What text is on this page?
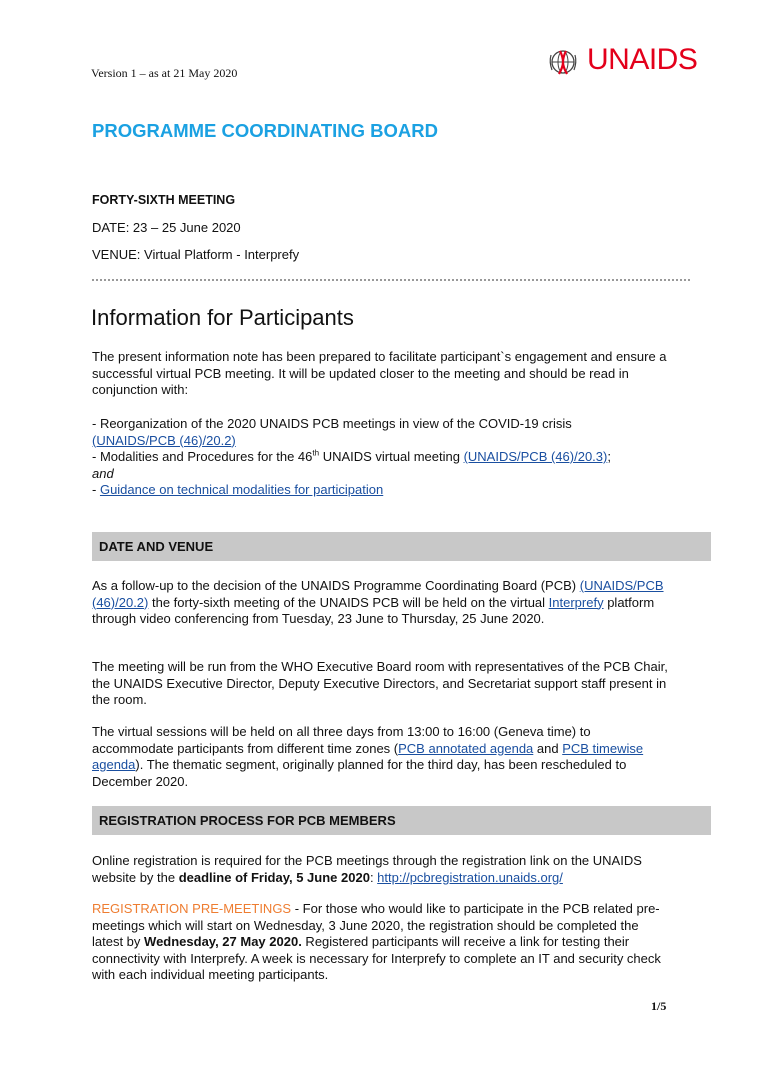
Version 1 – as at 21 May 2020	UNAIDS
PROGRAMME COORDINATING BOARD
FORTY-SIXTH MEETING
DATE: 23 – 25 June 2020
VENUE: Virtual Platform - Interprefy
Information for Participants
The present information note has been prepared to facilitate participant`s engagement and ensure a successful virtual PCB meeting. It will be updated closer to the meeting and should be read in conjunction with:
- Reorganization of the 2020 UNAIDS PCB meetings in view of the COVID-19 crisis
(UNAIDS/PCB (46)/20.2)
- Modalities and Procedures for the 46th UNAIDS virtual meeting (UNAIDS/PCB (46)/20.3);
and
- Guidance on technical modalities for participation
DATE AND VENUE
As a follow-up to the decision of the UNAIDS Programme Coordinating Board (PCB) (UNAIDS/PCB (46)/20.2) the forty-sixth meeting of the UNAIDS PCB will be held on the virtual Interprefy platform through video conferencing from Tuesday, 23 June to Thursday, 25 June 2020.
The meeting will be run from the WHO Executive Board room with representatives of the PCB Chair, the UNAIDS Executive Director, Deputy Executive Directors, and Secretariat support staff present in the room.
The virtual sessions will be held on all three days from 13:00 to 16:00 (Geneva time) to accommodate participants from different time zones (PCB annotated agenda and PCB timewise agenda). The thematic segment, originally planned for the third day, has been rescheduled to December 2020.
REGISTRATION PROCESS FOR PCB MEMBERS
Online registration is required for the PCB meetings through the registration link on the UNAIDS website by the deadline of Friday, 5 June 2020: http://pcbregistration.unaids.org/
REGISTRATION PRE-MEETINGS - For those who would like to participate in the PCB related pre-meetings which will start on Wednesday, 3 June 2020, the registration should be completed the latest by Wednesday, 27 May 2020. Registered participants will receive a link for testing their connectivity with Interprefy. A week is necessary for Interprefy to complete an IT and security check with each individual meeting participants.
1/5
